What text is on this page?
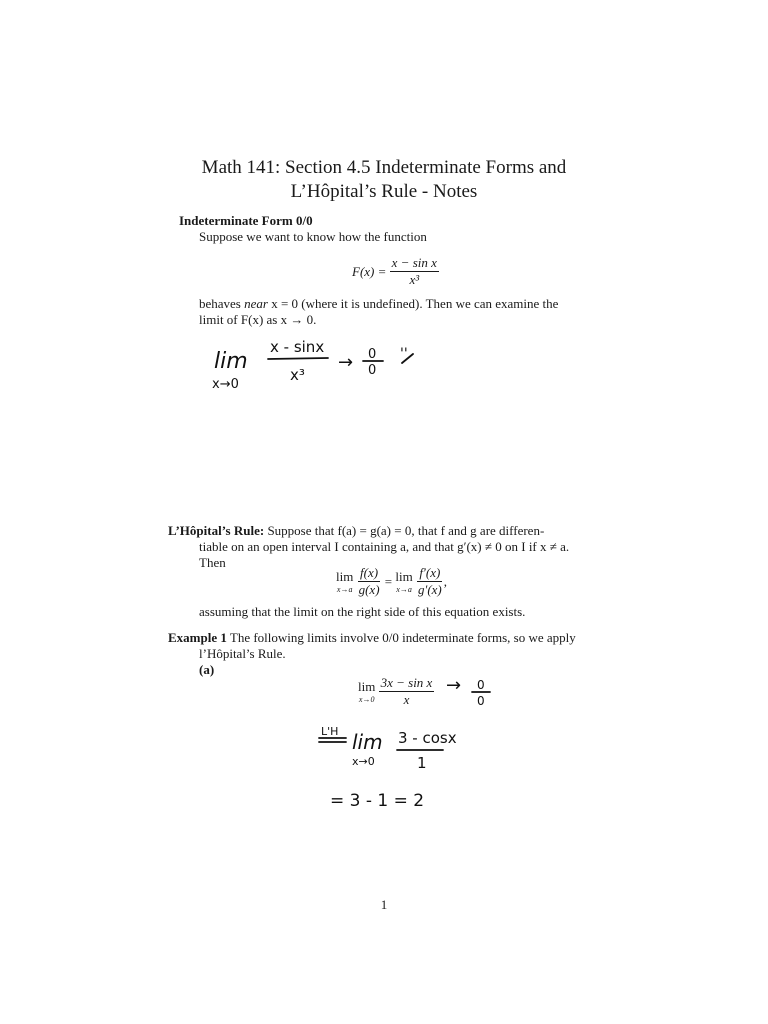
Math 141: Section 4.5 Indeterminate Forms and
L’Hôpital’s Rule - Notes
Indeterminate Form 0/0
Suppose we want to know how the function
F(x) =
$\frac{\text{x − sin x}}{\text{x³}}$
behaves near x = 0 (where it is undefined). Then we can examine the
limit of F(x) as x → 0.
lim
x→0
x - sinx
x³
→ 0
0
''
L’Hôpital’s Rule: Suppose that f(a) = g(a) = 0, that f and g are differen-
tiable on an open interval I containing a, and that g′(x) ≠ 0 on I if x ≠ a.
Then
lim
x→a
$\frac{f(x)}{g(x)}$
=
lim
x→a
$\frac{f'(x)}{g'(x)}$ ,
assuming that the limit on the right side of this equation exists.
Example 1 The following limits involve 0/0 indeterminate forms, so we apply
l’Hôpital’s Rule.
(a)
lim
x→0
$\frac{\text{3x − sin x}}{x} \to 0$
0
L'H lim
x→0
3 - cosx
1
= 3 - 1 = 2
1
